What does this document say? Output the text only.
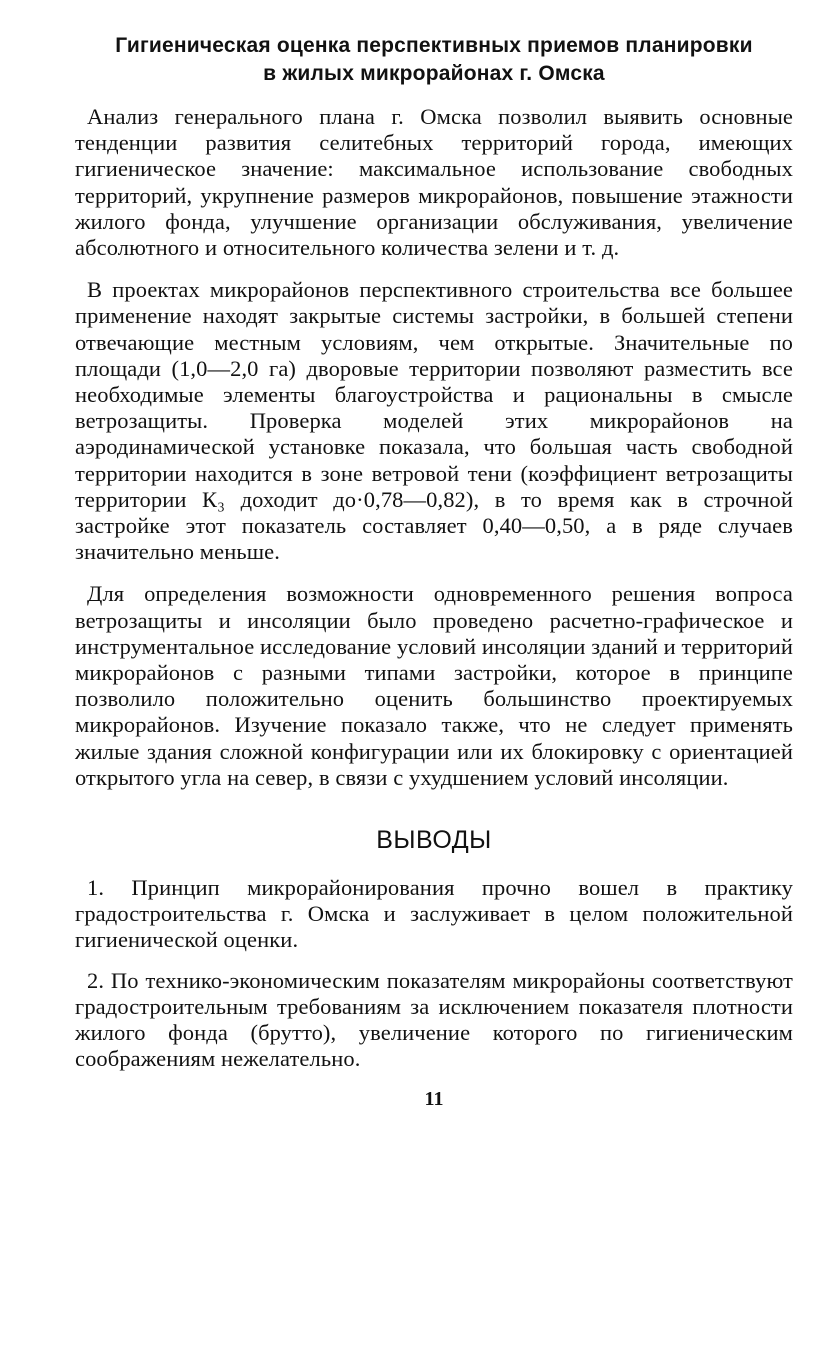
Гигиеническая оценка перспективных приемов планировки
в жилых микрорайонах г. Омска

Анализ генерального плана г. Омска позволил выявить основные тенденции развития селитебных территорий города, имеющих гигиеническое значение: максимальное использование свободных территорий, укрупнение размеров микрорайонов, повышение этажности жилого фонда, улучшение организации обслуживания, увеличение абсолютного и относительного количества зелени и т. д.

В проектах микрорайонов перспективного строительства все большее применение находят закрытые системы застройки, в большей степени отвечающие местным условиям, чем открытые. Значительные по площади (1,0—2,0 га) дворовые территории позволяют разместить все необходимые элементы благоустройства и рациональны в смысле ветрозащиты. Проверка моделей этих микрорайонов на аэродинамической установке показала, что большая часть свободной территории находится в зоне ветровой тени (коэффициент ветрозащиты территории К₃ доходит до·0,78—0,82), в то время как в строчной застройке этот показатель составляет 0,40—0,50, а в ряде случаев значительно меньше.

Для определения возможности одновременного решения вопроса ветрозащиты и инсоляции было проведено расчетно-графическое и инструментальное исследование условий инсоляции зданий и территорий микрорайонов с разными типами застройки, которое в принципе позволило положительно оценить большинство проектируемых микрорайонов. Изучение показало также, что не следует применять жилые здания сложной конфигурации или их блокировку с ориентацией открытого угла на север, в связи с ухудшением условий инсоляции.

ВЫВОДЫ

1. Принцип микрорайонирования прочно вошел в практику градостроительства г. Омска и заслуживает в целом положительной гигиенической оценки.

2. По технико-экономическим показателям микрорайоны соответствуют градостроительным требованиям за исключением показателя плотности жилого фонда (брутто), увеличение которого по гигиеническим соображениям нежелательно.

11
